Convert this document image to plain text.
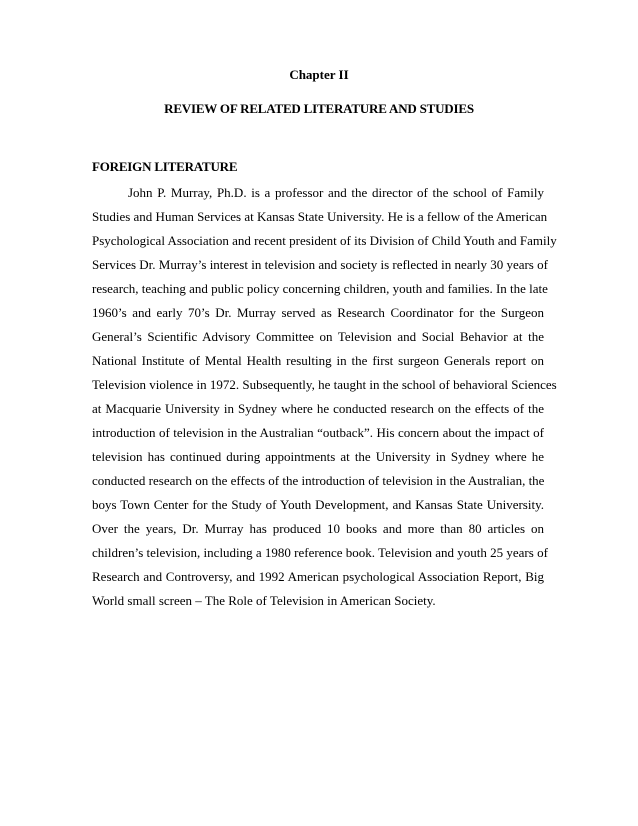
Chapter II
REVIEW OF RELATED LITERATURE AND STUDIES
FOREIGN LITERATURE
John P. Murray, Ph.D. is a professor and the director of the school of Family
Studies and Human Services at Kansas State University. He is a fellow of the American
Psychological Association and recent president of its Division of Child Youth and Family
Services Dr. Murray’s interest in television and society is reflected in nearly 30 years of
research, teaching and public policy concerning children, youth and families. In the late
1960’s and early 70’s Dr. Murray served as Research Coordinator for the Surgeon
General’s Scientific Advisory Committee on Television and Social Behavior at the
National Institute of Mental Health resulting in the first surgeon Generals report on
Television violence in 1972. Subsequently, he taught in the school of behavioral Sciences
at Macquarie University in Sydney where he conducted research on the effects of the
introduction of television in the Australian “outback”. His concern about the impact of
television has continued during appointments at the University in Sydney where he
conducted research on the effects of the introduction of television in the Australian, the
boys Town Center for the Study of Youth Development, and Kansas State University.
Over the years, Dr. Murray has produced 10 books and more than 80 articles on
children’s television, including a 1980 reference book. Television and youth 25 years of
Research and Controversy, and 1992 American psychological Association Report, Big
World small screen – The Role of Television in American Society.
